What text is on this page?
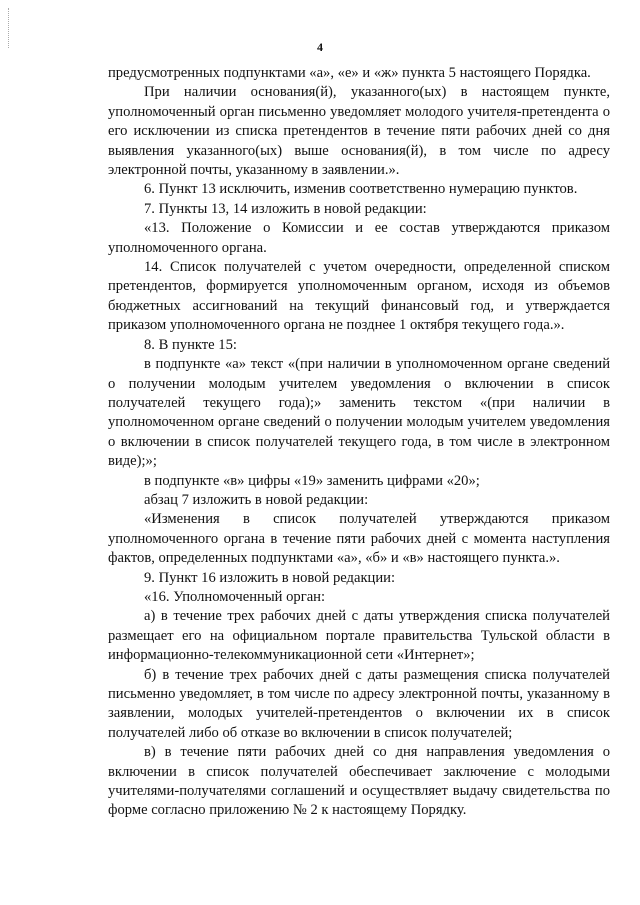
4

предусмотренных подпунктами «а», «е» и «ж» пункта 5 настоящего Порядка.

При наличии основания(й), указанного(ых) в настоящем пункте, уполномоченный орган письменно уведомляет молодого учителя-претендента о его исключении из списка претендентов в течение пяти рабочих дней со дня выявления указанного(ых) выше основания(й), в том числе по адресу электронной почты, указанному в заявлении.».

6. Пункт 13 исключить, изменив соответственно нумерацию пунктов.

7. Пункты 13, 14 изложить в новой редакции:

«13. Положение о Комиссии и ее состав утверждаются приказом уполномоченного органа.

14. Список получателей с учетом очередности, определенной списком претендентов, формируется уполномоченным органом, исходя из объемов бюджетных ассигнований на текущий финансовый год, и утверждается приказом уполномоченного органа не позднее 1 октября текущего года.».

8. В пункте 15:

в подпункте «а» текст «(при наличии в уполномоченном органе сведений о получении молодым учителем уведомления о включении в список получателей текущего года);» заменить текстом «(при наличии в уполномоченном органе сведений о получении молодым учителем уведомления о включении в список получателей текущего года, в том числе в электронном виде);»;

в подпункте «в» цифры «19» заменить цифрами «20»;

абзац 7 изложить в новой редакции:

«Изменения в список получателей утверждаются приказом уполномоченного органа в течение пяти рабочих дней с момента наступления фактов, определенных подпунктами «а», «б» и «в» настоящего пункта.».

9. Пункт 16 изложить в новой редакции:

«16. Уполномоченный орган:

а) в течение трех рабочих дней с даты утверждения списка получателей размещает его на официальном портале правительства Тульской области в информационно-телекоммуникационной сети «Интернет»;

б) в течение трех рабочих дней с даты размещения списка получателей письменно уведомляет, в том числе по адресу электронной почты, указанному в заявлении, молодых учителей-претендентов о включении их в список получателей либо об отказе во включении в список получателей;

в) в течение пяти рабочих дней со дня направления уведомления о включении в список получателей обеспечивает заключение с молодыми учителями-получателями соглашений и осуществляет выдачу свидетельства по форме согласно приложению № 2 к настоящему Порядку.
